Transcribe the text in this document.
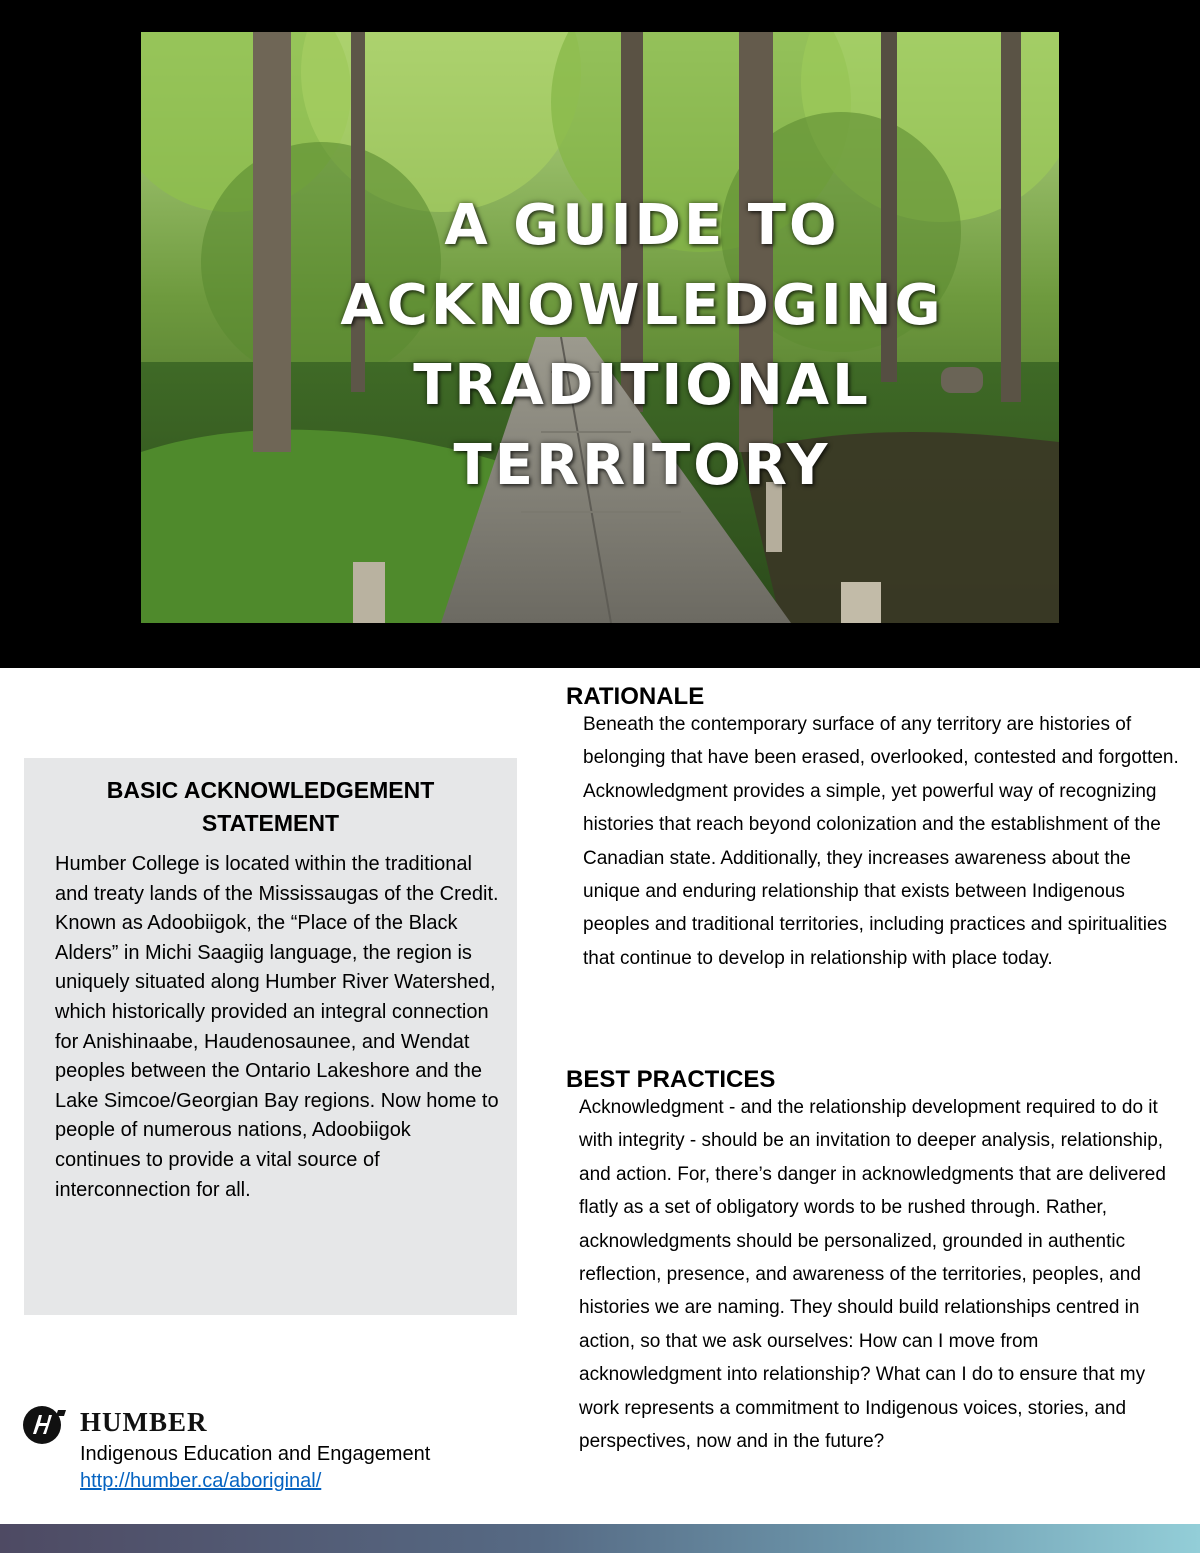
A GUIDE TO
ACKNOWLEDGING
TRADITIONAL
TERRITORY
BASIC ACKNOWLEDGEMENT
STATEMENT

Humber College is located within the traditional and treaty lands of the Mississaugas of the Credit. Known as Adoobiigok, the “Place of the Black Alders” in Michi Saagiig language, the region is uniquely situated along Humber River Watershed, which historically provided an integral connection for Anishinaabe, Haudenosaunee, and Wendat peoples between the Ontario Lakeshore and the Lake Simcoe/Georgian Bay regions. Now home to people of numerous nations, Adoobiigok continues to provide a vital source of interconnection for all.

RATIONALE

Beneath the contemporary surface of any territory are histories of belonging that have been erased, overlooked, contested and forgotten. Acknowledgment provides a simple, yet powerful way of recognizing histories that reach beyond colonization and the establishment of the Canadian state. Additionally, they increases awareness about the unique and enduring relationship that exists between Indigenous peoples and traditional territories, including practices and spiritualities that continue to develop in relationship with place today.

BEST PRACTICES

Acknowledgment - and the relationship development required to do it with integrity - should be an invitation to deeper analysis, relationship, and action. For, there’s danger in acknowledgments that are delivered flatly as a set of obligatory words to be rushed through. Rather, acknowledgments should be personalized, grounded in authentic reflection, presence, and awareness of the territories, peoples, and histories we are naming. They should build relationships centred in action, so that we ask ourselves: How can I move from acknowledgment into relationship? What can I do to ensure that my work represents a commitment to Indigenous voices, stories, and perspectives, now and in the future?

HUMBER

Indigenous Education and Engagement

http://humber.ca/aboriginal/
